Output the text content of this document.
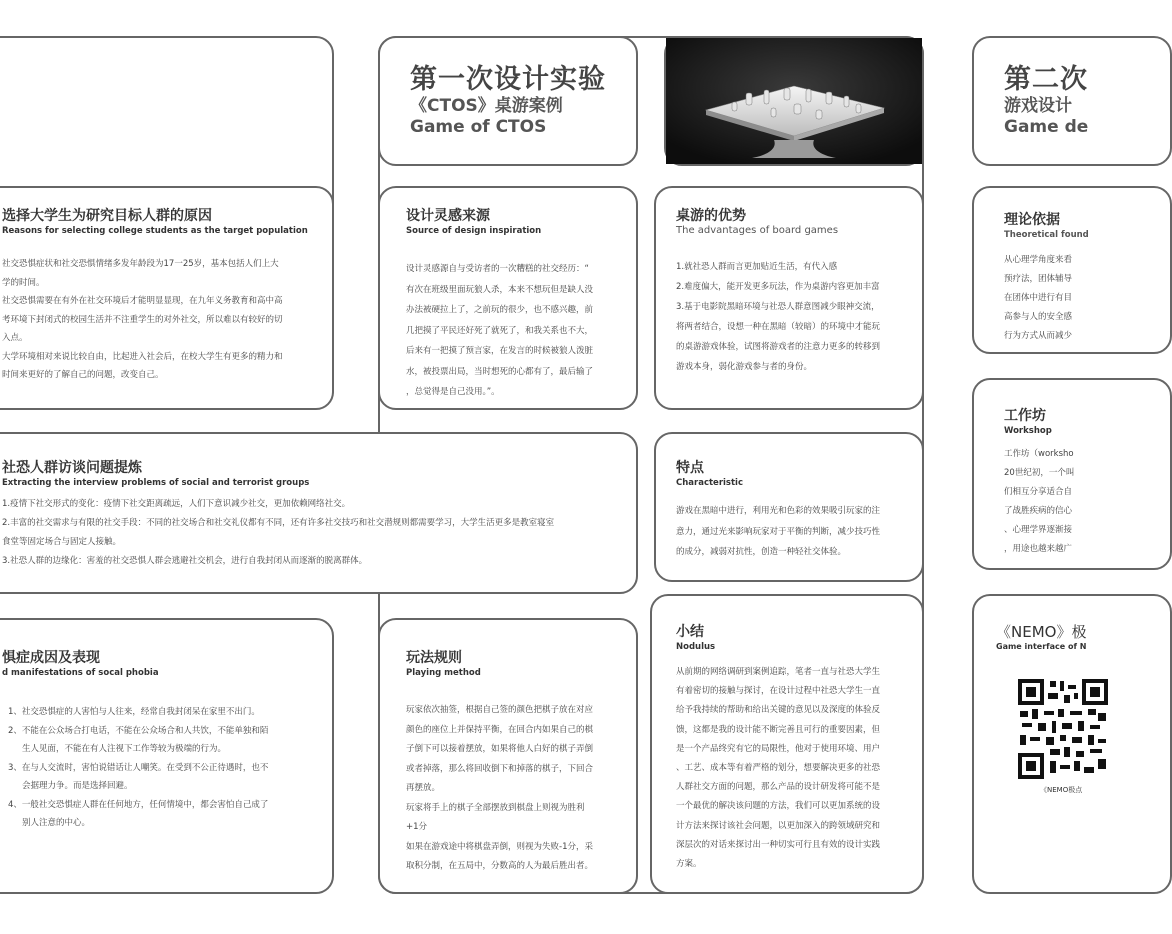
选择大学生为研究目标人群的原因
Reasons for selecting college students as the target population

社交恐惧症状和社交恐惧情绪多发年龄段为17一25岁，基本包括人们上大

学的时间。

社交恐惧需要在有外在社交环境后才能明显显现，在九年义务教育和高中高

考环境下封闭式的校园生活并不注重学生的对外社交，所以难以有较好的切

入点。

大学环境相对来说比较自由，比起进入社会后，在校大学生有更多的精力和

时间来更好的了解自己的问题，改变自己。

惧症成因及表现
d manifestations of socal phobia

1、社交恐惧症的人害怕与人往来，经常自我封闭呆在家里不出门。

2、不能在公众场合打电话，不能在公众场合和人共饮，不能单独和陌

生人见面，不能在有人注视下工作等较为极端的行为。

3、在与人交流时，害怕说错话让人嘲笑。在受到不公正待遇时，也不

会据理力争。而是选择回避。

4、一般社交恐惧症人群在任何地方，任何情境中，都会害怕自己成了

别人注意的中心。

第一次设计实验
《CTOS》桌游案例
Game of CTOS
设计灵感来源
Source of design inspiration

设计灵感源自与受访者的一次糟糕的社交经历：“

有次在班级里面玩狼人杀，本来不想玩但是缺人没

办法被硬拉上了，之前玩的很少，也不感兴趣，前

几把摸了平民还好死了就死了，和我关系也不大，

后来有一把摸了预言家，在发言的时候被狼人泼脏

水，被投票出局，当时想死的心都有了，最后输了

，总觉得是自己没用。”。

桌游的优势
The advantages of board games

1.就社恐人群而言更加贴近生活，有代入感

2.难度偏大，能开发更多玩法，作为桌游内容更加丰富

3.基于电影院黑暗环境与社恐人群意图减少眼神交流，

将两者结合，设想一种在黑暗（较暗）的环境中才能玩

的桌游游戏体验，试图将游戏者的注意力更多的转移到

游戏本身，弱化游戏参与者的身份。

社恐人群访谈问题提炼
Extracting the interview problems of social and terrorist groups

1.疫情下社交形式的变化：疫情下社交距离疏远，人们下意识减少社交，更加依赖网络社交。

2.丰富的社交需求与有限的社交手段：不同的社交场合和社交礼仪都有不同，还有许多社交技巧和社交潜规则都需要学习，大学生活更多是教室寝室

食堂等固定场合与固定人接触。

3.社恐人群的边缘化：害羞的社交恐惧人群会逃避社交机会，进行自我封闭从而逐渐的脱离群体。

特点
Characteristic

游戏在黑暗中进行，利用光和色彩的效果吸引玩家的注

意力，通过光来影响玩家对于平衡的判断，减少技巧性

的成分，减弱对抗性，创造一种轻社交体验。

玩法规则
Playing method

玩家依次抽签，根据自己签的颜色把棋子放在对应

颜色的座位上并保持平衡，在回合内如果自己的棋

子倒下可以接着摆放，如果将他人白好的棋子弄倒

或者掉落，那么将回收倒下和掉落的棋子，下回合

再摆放。

玩家将手上的棋子全部摆放到棋盘上则视为胜利

+1分

如果在游戏途中将棋盘弄倒，则视为失败-1分，采

取积分制，在五局中，分数高的人为最后胜出者。

小结
Nodulus

从前期的网络调研到案例追踪，笔者一直与社恐大学生

有着密切的接触与探讨，在设计过程中社恐大学生一直

给予我持续的帮助和给出关键的意见以及深度的体验反

馈，这都是我的设计能不断完善且可行的重要因素，但

是一个产品终究有它的局限性，他对于使用环境、用户

、工艺、成本等有着严格的划分，想要解决更多的社恐

人群社交方面的问题，那么产品的设计研发将可能不是

一个最优的解决该问题的方法，我们可以更加系统的设

计方法来探讨该社会问题，以更加深入的跨领域研究和

深层次的对话来探讨出一种切实可行且有效的设计实践

方案。

第二次
游戏设计
Game de
理论依据
Theoretical found

从心理学角度来看

预疗法，团体辅导

在团体中进行有目

高参与人的安全感

行为方式从而减少

工作坊
Workshop

工作坊（worksho

20世纪初，一个叫

们相互分享适合自

了战胜疾病的信心

、心理学界逐渐接

，用途也越来越广

《NEMO》极
Game interface of N
《NEMO极点
